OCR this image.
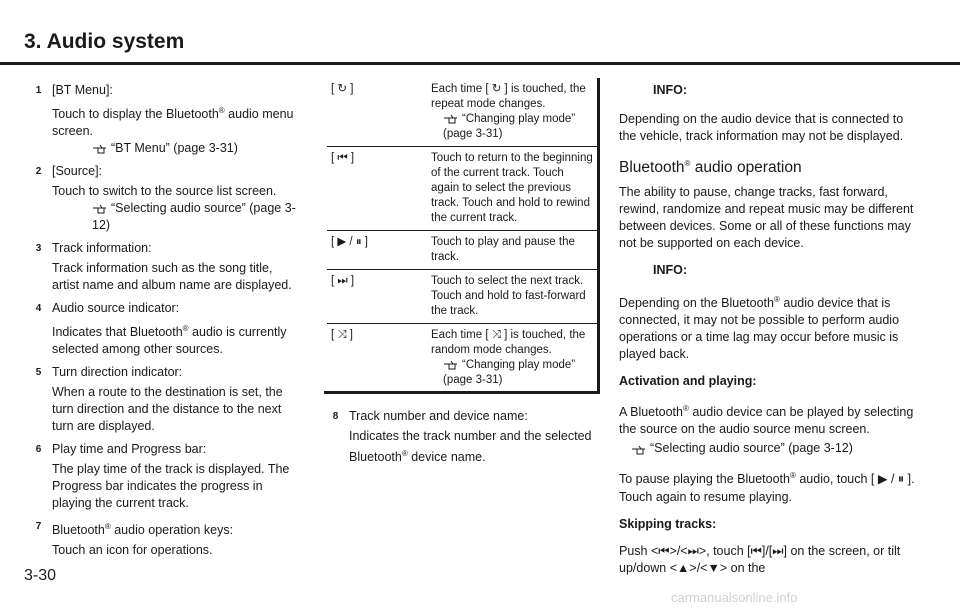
3. Audio system
1 [BT Menu]:
Touch to display the Bluetooth® audio menu screen.
“BT Menu” (page 3-31)
2 [Source]:
Touch to switch to the source list screen.
“Selecting audio source” (page 3-12)
3 Track information:
Track information such as the song title, artist name and album name are displayed.
4 Audio source indicator:
Indicates that Bluetooth® audio is currently selected among other sources.
5 Turn direction indicator:
When a route to the destination is set, the turn direction and the distance to the next turn are displayed.
6 Play time and Progress bar:
The play time of the track is displayed. The Progress bar indicates the progress in playing the current track.
7 Bluetooth® audio operation keys:
Touch an icon for operations.
[ ↻ ]	Each time [ ↻ ] is touched, the repeat mode changes.

“Changing play mode” (page 3-31)

[ ⏮ ]	Touch to return to the beginning of the current track. Touch again to select the previous track. Touch and hold to rewind the current track.
[ ▶ / ⏸ ]	Touch to play and pause the track.
[ ⏭ ]	Touch to select the next track. Touch and hold to fast-forward the track.
[ ⤨ ]	Each time [ ⤨ ] is touched, the random mode changes.

“Changing play mode” (page 3-31)
8 Track number and device name:
Indicates the track number and the selected Bluetooth® device name.
INFO:
Depending on the audio device that is connected to the vehicle, track information may not be displayed.
Bluetooth® audio operation
The ability to pause, change tracks, fast forward, rewind, randomize and repeat music may be different between devices. Some or all of these functions may not be supported on each device.
INFO:
Depending on the Bluetooth® audio device that is connected, it may not be possible to perform audio operations or a time lag may occur before music is played back.
Activation and playing:
A Bluetooth® audio device can be played by selecting the source on the audio source menu screen.
“Selecting audio source” (page 3-12)
To pause playing the Bluetooth® audio, touch [ ▶ / ⏸ ]. Touch again to resume playing.
Skipping tracks:
Push <⏮>/<⏭>, touch [⏮]/[⏭] on the screen, or tilt up/down <▲>/<▼> on the
3-30
carmanualsonline.info
